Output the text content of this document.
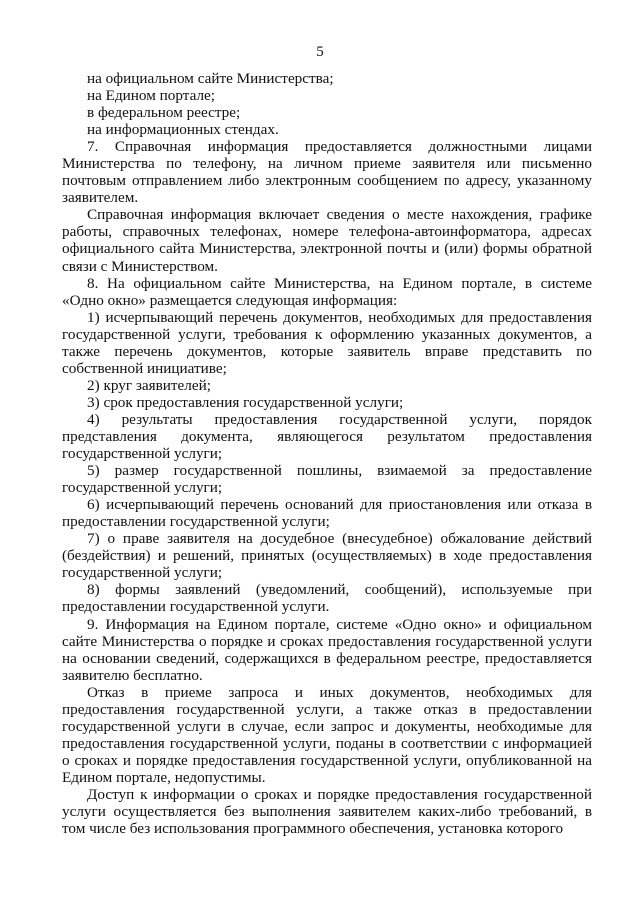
5

на официальном сайте Министерства;

на Едином портале;

в федеральном реестре;

на информационных стендах.

7. Справочная информация предоставляется должностными лицами Министерства по телефону, на личном приеме заявителя или письменно почтовым отправлением либо электронным сообщением по адресу, указанному заявителем.

Справочная информация включает сведения о месте нахождения, графике работы, справочных телефонах, номере телефона-автоинформатора, адресах официального сайта Министерства, электронной почты и (или) формы обратной связи с Министерством.

8. На официальном сайте Министерства, на Едином портале, в системе «Одно окно» размещается следующая информация:

1) исчерпывающий перечень документов, необходимых для предоставления государственной услуги, требования к оформлению указанных документов, а также перечень документов, которые заявитель вправе представить по собственной инициативе;

2) круг заявителей;

3) срок предоставления государственной услуги;

4) результаты предоставления государственной услуги, порядок представления документа, являющегося результатом предоставления государственной услуги;

5) размер государственной пошлины, взимаемой за предоставление государственной услуги;

6) исчерпывающий перечень оснований для приостановления или отказа в предоставлении государственной услуги;

7) о праве заявителя на досудебное (внесудебное) обжалование действий (бездействия) и решений, принятых (осуществляемых) в ходе предоставления государственной услуги;

8) формы заявлений (уведомлений, сообщений), используемые при предоставлении государственной услуги.

9. Информация на Едином портале, системе «Одно окно» и официальном сайте Министерства о порядке и сроках предоставления государственной услуги на основании сведений, содержащихся в федеральном реестре, предоставляется заявителю бесплатно.

Отказ в приеме запроса и иных документов, необходимых для предоставления государственной услуги, а также отказ в предоставлении государственной услуги в случае, если запрос и документы, необходимые для предоставления государственной услуги, поданы в соответствии с информацией о сроках и порядке предоставления государственной услуги, опубликованной на Едином портале, недопустимы.

Доступ к информации о сроках и порядке предоставления государственной услуги осуществляется без выполнения заявителем каких-либо требований, в том числе без использования программного обеспечения, установка которого
